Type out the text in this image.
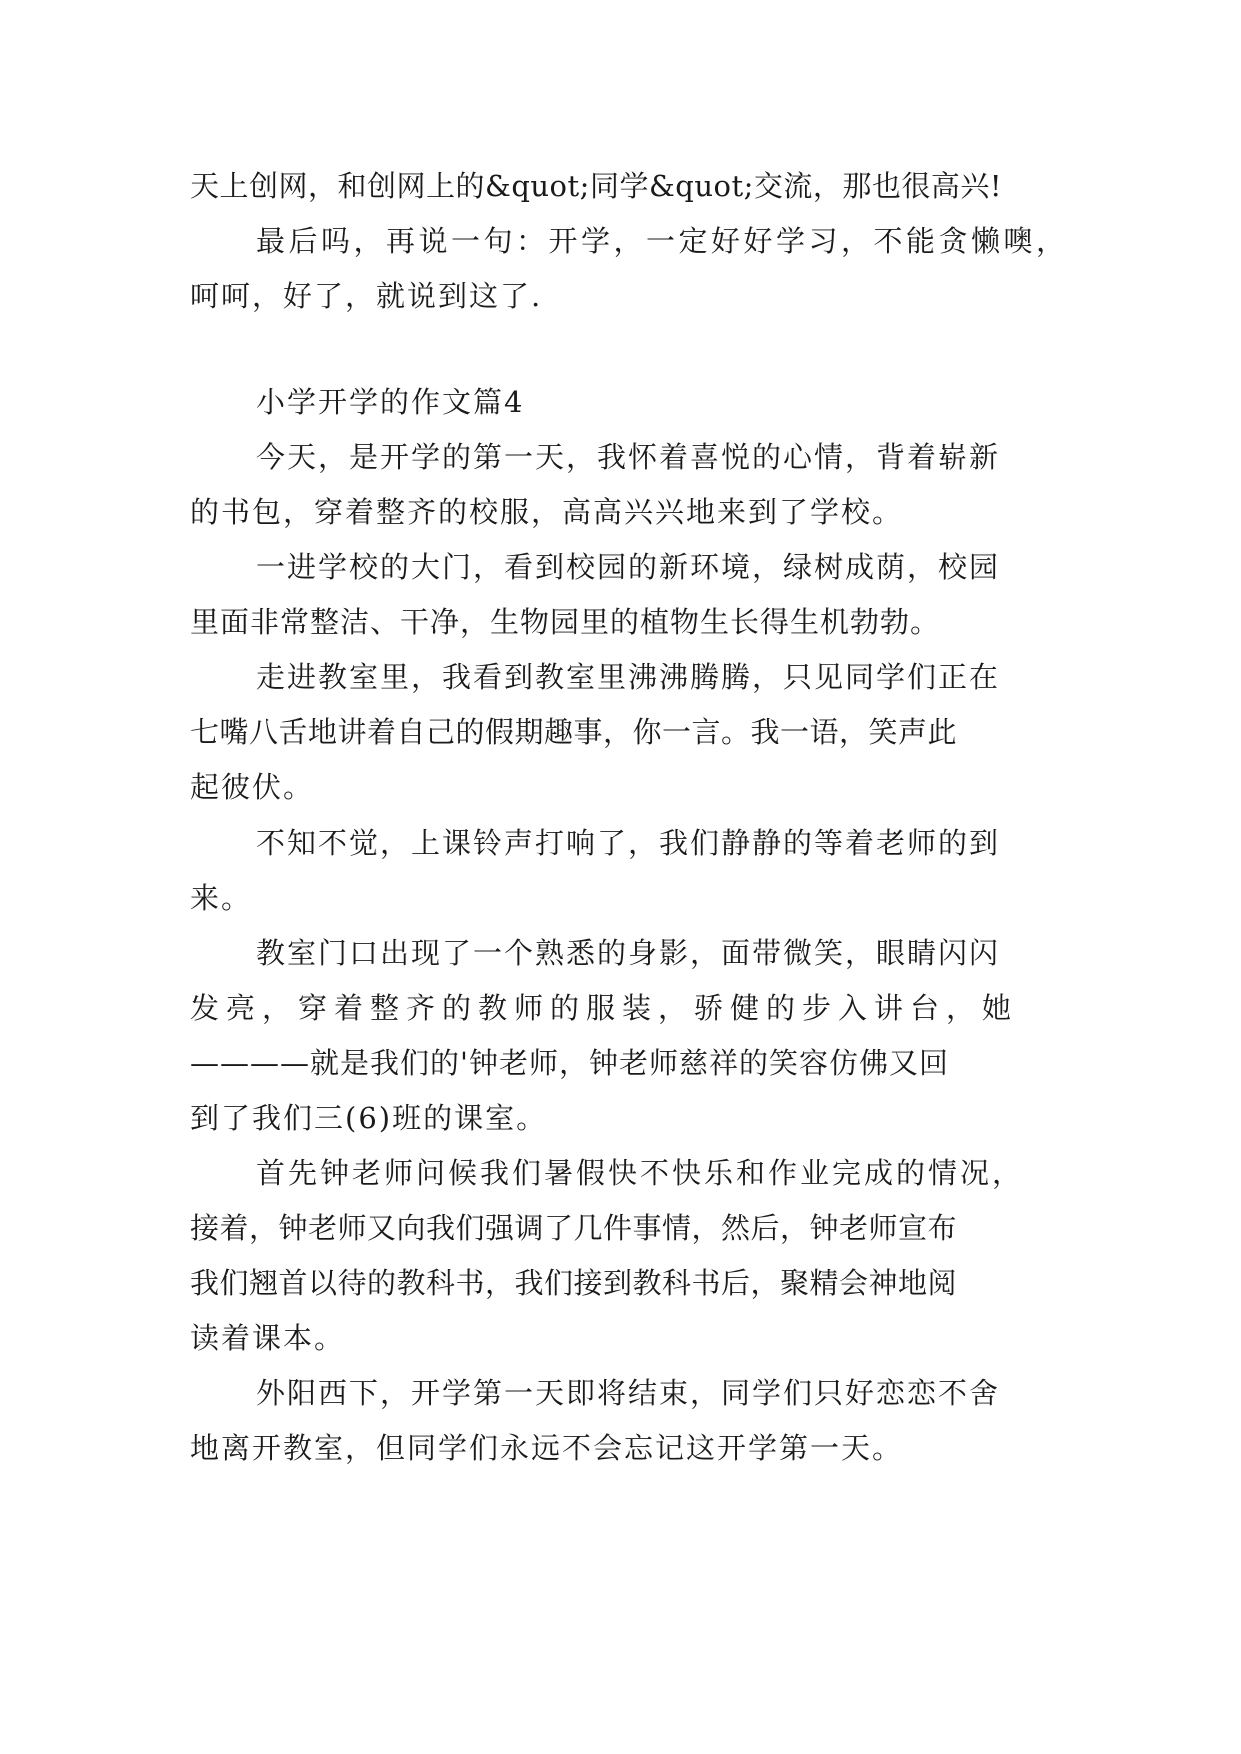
天上创网，和创网上的&quot;同学&quot;交流，那也很高兴!
最后吗，再说一句：开学，一定好好学习，不能贪懒噢，
呵呵，好了，就说到这了.
小学开学的作文篇4
今天，是开学的第一天，我怀着喜悦的心情，背着崭新
的书包，穿着整齐的校服，高高兴兴地来到了学校。
一进学校的大门，看到校园的新环境，绿树成荫，校园
里面非常整洁、干净，生物园里的植物生长得生机勃勃。
走进教室里，我看到教室里沸沸腾腾，只见同学们正在
七嘴八舌地讲着自己的假期趣事，你一言。我一语，笑声此
起彼伏。
不知不觉，上课铃声打响了，我们静静的等着老师的到
来。
教室门口出现了一个熟悉的身影，面带微笑，眼睛闪闪
发亮，穿着整齐的教师的服装，骄健的步入讲台，她
————就是我们的'钟老师，钟老师慈祥的笑容仿佛又回
到了我们三(6)班的课室。
首先钟老师问候我们暑假快不快乐和作业完成的情况，
接着，钟老师又向我们强调了几件事情，然后，钟老师宣布
我们翘首以待的教科书，我们接到教科书后，聚精会神地阅
读着课本。
外阳西下，开学第一天即将结束，同学们只好恋恋不舍
地离开教室，但同学们永远不会忘记这开学第一天。
